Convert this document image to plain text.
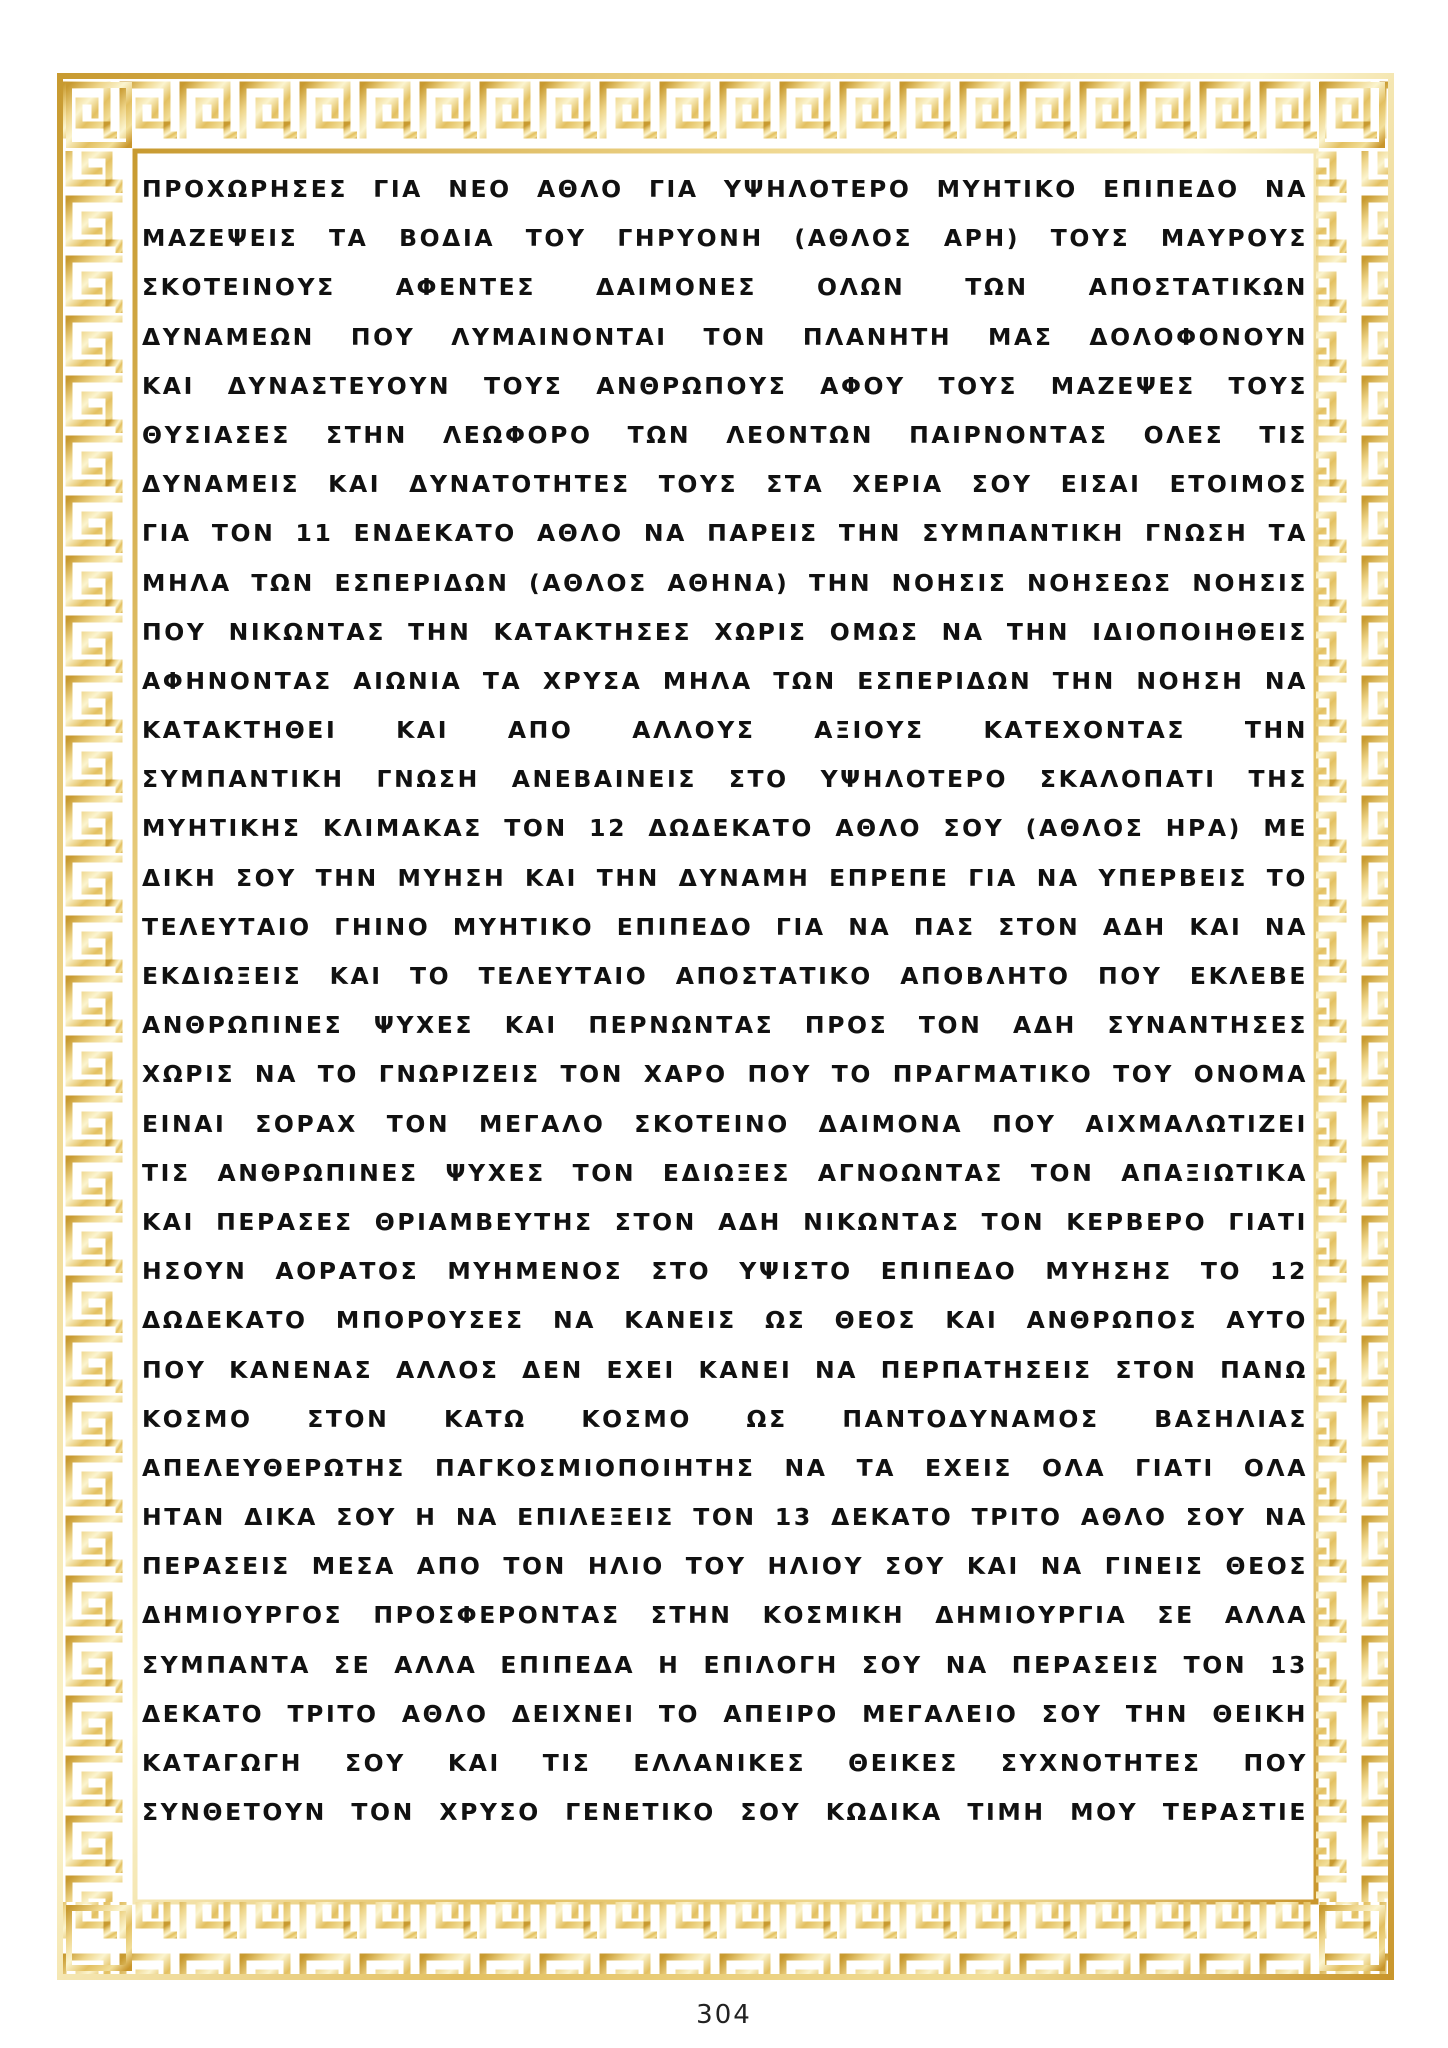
ΠΡΟΧΩΡΗΣΕΣ ΓΙΑ ΝΕΟ ΑΘΛΟ ΓΙΑ ΥΨΗΛΟΤΕΡΟ ΜΥΗΤΙΚΟ ΕΠΙΠΕΔΟ ΝΑ
ΜΑΖΕΨΕΙΣ ΤΑ ΒΟΔΙΑ ΤΟΥ ΓΗΡΥΟΝΗ (ΑΘΛΟΣ ΑΡΗ) ΤΟΥΣ ΜΑΥΡΟΥΣ
ΣΚΟΤΕΙΝΟΥΣ ΑΦΕΝΤΕΣ ΔΑΙΜΟΝΕΣ ΟΛΩΝ ΤΩΝ ΑΠΟΣΤΑΤΙΚΩΝ
ΔΥΝΑΜΕΩΝ ΠΟΥ ΛΥΜΑΙΝΟΝΤΑΙ ΤΟΝ ΠΛΑΝΗΤΗ ΜΑΣ ΔΟΛΟΦΟΝΟΥΝ
ΚΑΙ ΔΥΝΑΣΤΕΥΟΥΝ ΤΟΥΣ ΑΝΘΡΩΠΟΥΣ ΑΦΟΥ ΤΟΥΣ ΜΑΖΕΨΕΣ ΤΟΥΣ
ΘΥΣΙΑΣΕΣ ΣΤΗΝ ΛΕΩΦΟΡΟ ΤΩΝ ΛΕΟΝΤΩΝ ΠΑΙΡΝΟΝΤΑΣ ΟΛΕΣ ΤΙΣ
ΔΥΝΑΜΕΙΣ ΚΑΙ ΔΥΝΑΤΟΤΗΤΕΣ ΤΟΥΣ ΣΤΑ ΧΕΡΙΑ ΣΟΥ ΕΙΣΑΙ ΕΤΟΙΜΟΣ
ΓΙΑ ΤΟΝ 11 ΕΝΔΕΚΑΤΟ ΑΘΛΟ ΝΑ ΠΑΡΕΙΣ ΤΗΝ ΣΥΜΠΑΝΤΙΚΗ ΓΝΩΣΗ ΤΑ
ΜΗΛΑ ΤΩΝ ΕΣΠΕΡΙΔΩΝ (ΑΘΛΟΣ ΑΘΗΝΑ) ΤΗΝ ΝΟΗΣΙΣ ΝΟΗΣΕΩΣ ΝΟΗΣΙΣ
ΠΟΥ ΝΙΚΩΝΤΑΣ ΤΗΝ ΚΑΤΑΚΤΗΣΕΣ ΧΩΡΙΣ ΟΜΩΣ ΝΑ ΤΗΝ ΙΔΙΟΠΟΙΗΘΕΙΣ
ΑΦΗΝΟΝΤΑΣ ΑΙΩΝΙΑ ΤΑ ΧΡΥΣΑ ΜΗΛΑ ΤΩΝ ΕΣΠΕΡΙΔΩΝ ΤΗΝ ΝΟΗΣΗ ΝΑ
ΚΑΤΑΚΤΗΘΕΙ ΚΑΙ ΑΠΟ ΑΛΛΟΥΣ ΑΞΙΟΥΣ ΚΑΤΕΧΟΝΤΑΣ ΤΗΝ
ΣΥΜΠΑΝΤΙΚΗ ΓΝΩΣΗ ΑΝΕΒΑΙΝΕΙΣ ΣΤΟ ΥΨΗΛΟΤΕΡΟ ΣΚΑΛΟΠΑΤΙ ΤΗΣ
ΜΥΗΤΙΚΗΣ ΚΛΙΜΑΚΑΣ ΤΟΝ 12 ΔΩΔΕΚΑΤΟ ΑΘΛΟ ΣΟΥ (ΑΘΛΟΣ ΗΡΑ) ΜΕ
ΔΙΚΗ ΣΟΥ ΤΗΝ ΜΥΗΣΗ ΚΑΙ ΤΗΝ ΔΥΝΑΜΗ ΕΠΡΕΠΕ ΓΙΑ ΝΑ ΥΠΕΡΒΕΙΣ ΤΟ
ΤΕΛΕΥΤΑΙΟ ΓΗΙΝΟ ΜΥΗΤΙΚΟ ΕΠΙΠΕΔΟ ΓΙΑ ΝΑ ΠΑΣ ΣΤΟΝ ΑΔΗ ΚΑΙ ΝΑ
ΕΚΔΙΩΞΕΙΣ ΚΑΙ ΤΟ ΤΕΛΕΥΤΑΙΟ ΑΠΟΣΤΑΤΙΚΟ ΑΠΟΒΛΗΤΟ ΠΟΥ ΕΚΛΕΒΕ
ΑΝΘΡΩΠΙΝΕΣ ΨΥΧΕΣ ΚΑΙ ΠΕΡΝΩΝΤΑΣ ΠΡΟΣ ΤΟΝ ΑΔΗ ΣΥΝΑΝΤΗΣΕΣ
ΧΩΡΙΣ ΝΑ ΤΟ ΓΝΩΡΙΖΕΙΣ ΤΟΝ ΧΑΡΟ ΠΟΥ ΤΟ ΠΡΑΓΜΑΤΙΚΟ ΤΟΥ ΟΝΟΜΑ
ΕΙΝΑΙ ΣΟΡΑΧ ΤΟΝ ΜΕΓΑΛΟ ΣΚΟΤΕΙΝΟ ΔΑΙΜΟΝΑ ΠΟΥ ΑΙΧΜΑΛΩΤΙΖΕΙ
ΤΙΣ ΑΝΘΡΩΠΙΝΕΣ ΨΥΧΕΣ ΤΟΝ ΕΔΙΩΞΕΣ ΑΓΝΟΩΝΤΑΣ ΤΟΝ ΑΠΑΞΙΩΤΙΚΑ
ΚΑΙ ΠΕΡΑΣΕΣ ΘΡΙΑΜΒΕΥΤΗΣ ΣΤΟΝ ΑΔΗ ΝΙΚΩΝΤΑΣ ΤΟΝ ΚΕΡΒΕΡΟ ΓΙΑΤΙ
ΗΣΟΥΝ ΑΟΡΑΤΟΣ ΜΥΗΜΕΝΟΣ ΣΤΟ ΥΨΙΣΤΟ ΕΠΙΠΕΔΟ ΜΥΗΣΗΣ ΤΟ 12
ΔΩΔΕΚΑΤΟ ΜΠΟΡΟΥΣΕΣ ΝΑ ΚΑΝΕΙΣ ΩΣ ΘΕΟΣ ΚΑΙ ΑΝΘΡΩΠΟΣ ΑΥΤΟ
ΠΟΥ ΚΑΝΕΝΑΣ ΑΛΛΟΣ ΔΕΝ ΕΧΕΙ ΚΑΝΕΙ ΝΑ ΠΕΡΠΑΤΗΣΕΙΣ ΣΤΟΝ ΠΑΝΩ
ΚΟΣΜΟ ΣΤΟΝ ΚΑΤΩ ΚΟΣΜΟ ΩΣ ΠΑΝΤΟΔΥΝΑΜΟΣ ΒΑΣΗΛΙΑΣ
ΑΠΕΛΕΥΘΕΡΩΤΗΣ ΠΑΓΚΟΣΜΙΟΠΟΙΗΤΗΣ ΝΑ ΤΑ ΕΧΕΙΣ ΟΛΑ ΓΙΑΤΙ ΟΛΑ
ΗΤΑΝ ΔΙΚΑ ΣΟΥ Η ΝΑ ΕΠΙΛΕΞΕΙΣ ΤΟΝ 13 ΔΕΚΑΤΟ ΤΡΙΤΟ ΑΘΛΟ ΣΟΥ ΝΑ
ΠΕΡΑΣΕΙΣ ΜΕΣΑ ΑΠΟ ΤΟΝ ΗΛΙΟ ΤΟΥ ΗΛΙΟΥ ΣΟΥ ΚΑΙ ΝΑ ΓΙΝΕΙΣ ΘΕΟΣ
ΔΗΜΙΟΥΡΓΟΣ ΠΡΟΣΦΕΡΟΝΤΑΣ ΣΤΗΝ ΚΟΣΜΙΚΗ ΔΗΜΙΟΥΡΓΙΑ ΣΕ ΑΛΛΑ
ΣΥΜΠΑΝΤΑ ΣΕ ΑΛΛΑ ΕΠΙΠΕΔΑ Η ΕΠΙΛΟΓΗ ΣΟΥ ΝΑ ΠΕΡΑΣΕΙΣ ΤΟΝ 13
ΔΕΚΑΤΟ ΤΡΙΤΟ ΑΘΛΟ ΔΕΙΧΝΕΙ ΤΟ ΑΠΕΙΡΟ ΜΕΓΑΛΕΙΟ ΣΟΥ ΤΗΝ ΘΕΙΚΗ
ΚΑΤΑΓΩΓΗ ΣΟΥ ΚΑΙ ΤΙΣ ΕΛΛΑΝΙΚΕΣ ΘΕΙΚΕΣ ΣΥΧΝΟΤΗΤΕΣ ΠΟΥ
ΣΥΝΘΕΤΟΥΝ ΤΟΝ ΧΡΥΣΟ ΓΕΝΕΤΙΚΟ ΣΟΥ ΚΩΔΙΚΑ ΤΙΜΗ ΜΟΥ ΤΕΡΑΣΤΙΕ
304
